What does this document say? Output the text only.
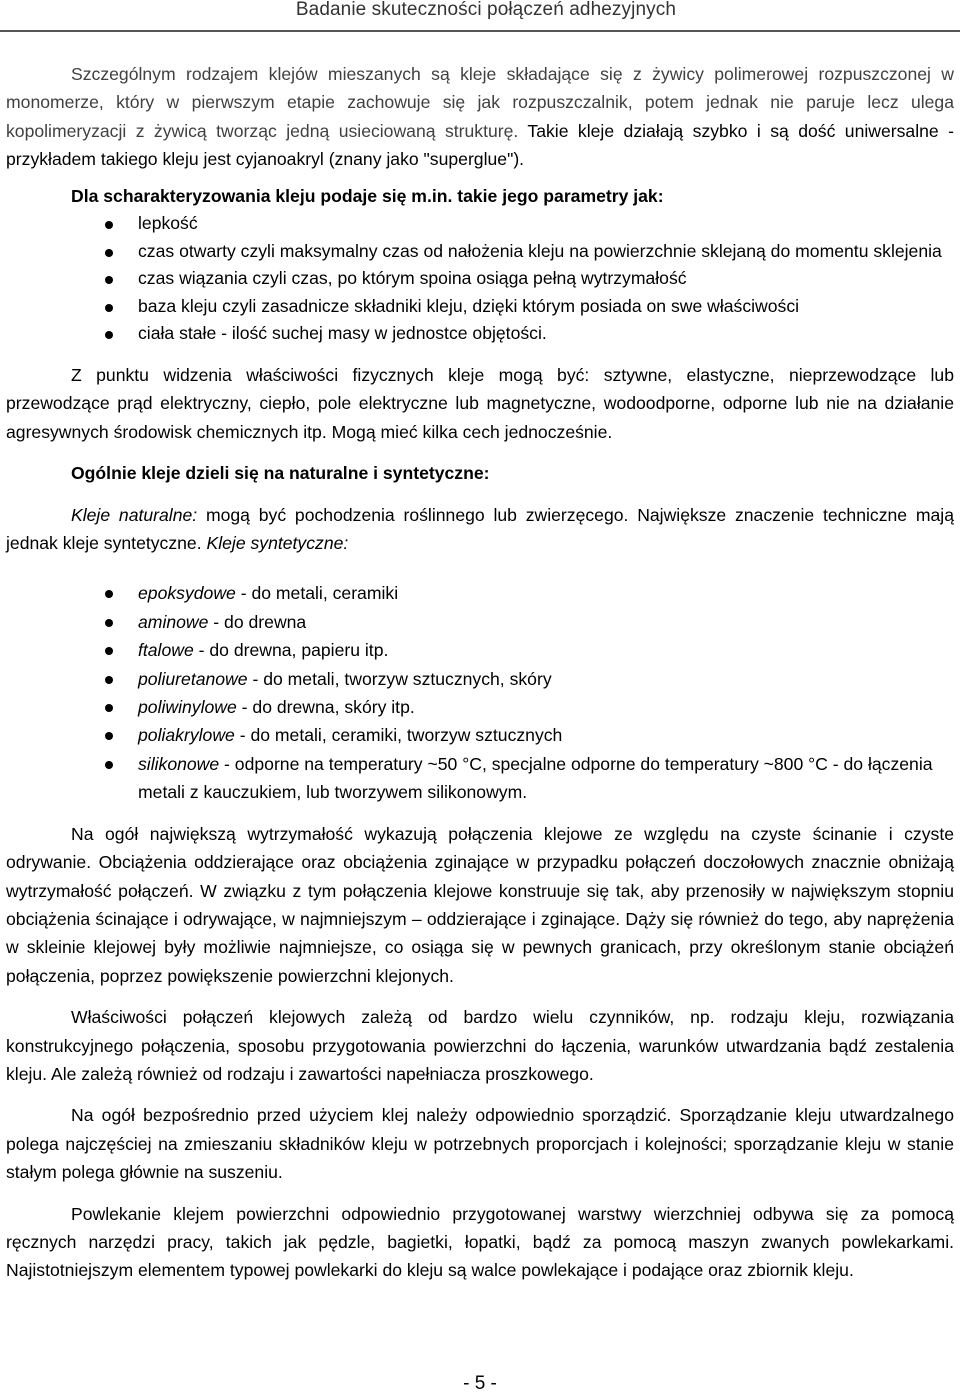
Badanie skuteczności połączeń adhezyjnych

Szczególnym rodzajem klejów mieszanych są kleje składające się z żywicy polimerowej rozpuszczonej w monomerze, który w pierwszym etapie zachowuje się jak rozpuszczalnik, potem jednak nie paruje lecz ulega kopolimeryzacji z żywicą tworząc jedną usieciowaną strukturę. Takie kleje działają szybko i są dość uniwersalne - przykładem takiego kleju jest cyjanoakryl (znany jako "superglue").

Dla scharakteryzowania kleju podaje się m.in. takie jego parametry jak:

lepkość
czas otwarty czyli maksymalny czas od nałożenia kleju na powierzchnie sklejaną do momentu sklejenia
czas wiązania czyli czas, po którym spoina osiąga pełną wytrzymałość
baza kleju czyli zasadnicze składniki kleju, dzięki którym posiada on swe właściwości
ciała stałe - ilość suchej masy w jednostce objętości.

Z punktu widzenia właściwości fizycznych kleje mogą być: sztywne, elastyczne, nieprzewodzące lub przewodzące prąd elektryczny, ciepło, pole elektryczne lub magnetyczne, wodoodporne, odporne lub nie na działanie agresywnych środowisk chemicznych itp. Mogą mieć kilka cech jednocześnie.

Ogólnie kleje dzieli się na naturalne i syntetyczne:

Kleje naturalne: mogą być pochodzenia roślinnego lub zwierzęcego. Największe znaczenie techniczne mają jednak kleje syntetyczne. Kleje syntetyczne:

epoksydowe - do metali, ceramiki
aminowe - do drewna
ftalowe - do drewna, papieru itp.
poliuretanowe - do metali, tworzyw sztucznych, skóry
poliwinylowe - do drewna, skóry itp.
poliakrylowe - do metali, ceramiki, tworzyw sztucznych
silikonowe - odporne na temperatury ~50 °C, specjalne odporne do temperatury ~800 °C - do łączenia metali z kauczukiem, lub tworzywem silikonowym.

Na ogół największą wytrzymałość wykazują połączenia klejowe ze względu na czyste ścinanie i czyste odrywanie. Obciążenia oddzierające oraz obciążenia zginające w przypadku połączeń doczołowych znacznie obniżają wytrzymałość połączeń. W związku z tym połączenia klejowe konstruuje się tak, aby przenosiły w największym stopniu obciążenia ścinające i odrywające, w najmniejszym – oddzierające i zginające. Dąży się również do tego, aby naprężenia w skleinie klejowej były możliwie najmniejsze, co osiąga się w pewnych granicach, przy określonym stanie obciążeń połączenia, poprzez powiększenie powierzchni klejonych.

Właściwości połączeń klejowych zależą od bardzo wielu czynników, np. rodzaju kleju, rozwiązania konstrukcyjnego połączenia, sposobu przygotowania powierzchni do łączenia, warunków utwardzania bądź zestalenia kleju. Ale zależą również od rodzaju i zawartości napełniacza proszkowego.

Na ogół bezpośrednio przed użyciem klej należy odpowiednio sporządzić. Sporządzanie kleju utwardzalnego polega najczęściej na zmieszaniu składników kleju w potrzebnych proporcjach i kolejności; sporządzanie kleju w stanie stałym polega głównie na suszeniu.

Powlekanie klejem powierzchni odpowiednio przygotowanej warstwy wierzchniej odbywa się za pomocą ręcznych narzędzi pracy, takich jak pędzle, bagietki, łopatki, bądź za pomocą maszyn zwanych powlekarkami. Najistotniejszym elementem typowej powlekarki do kleju są walce powlekające i podające oraz zbiornik kleju.

- 5 -
